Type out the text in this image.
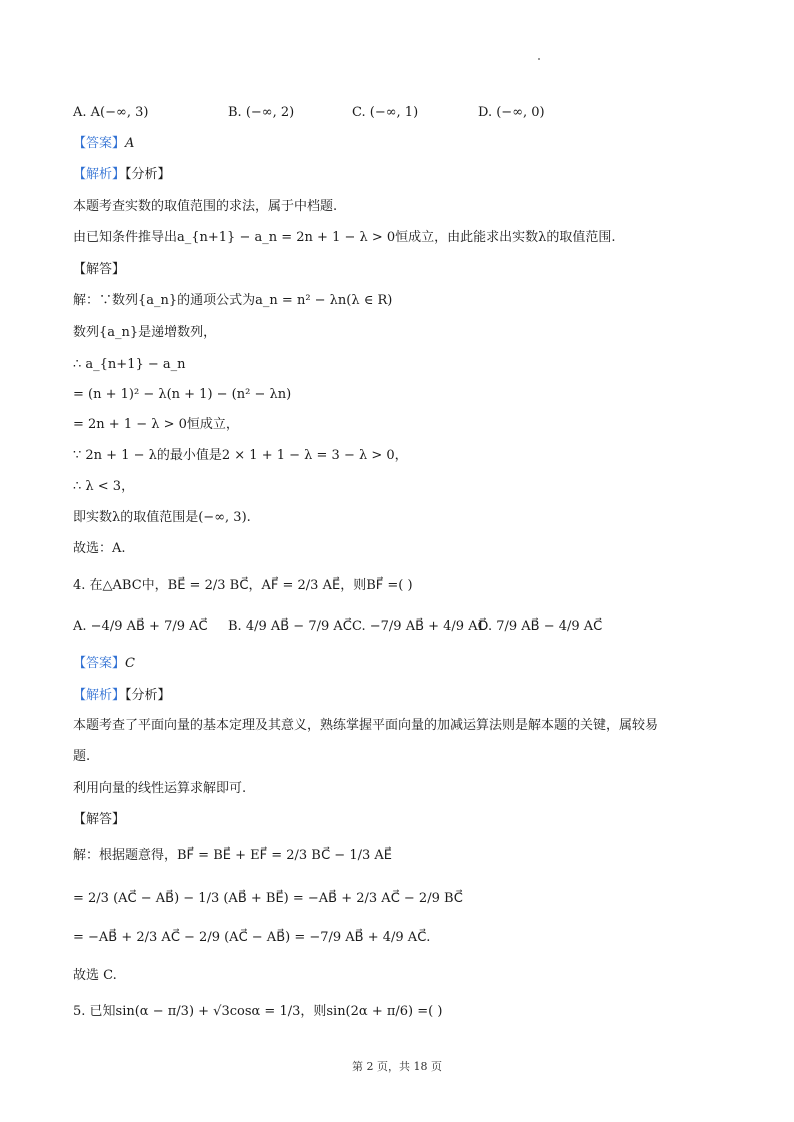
A. A(−∞, 3)	B. (−∞, 2)	C. (−∞, 1)	D. (−∞, 0)
【答案】A
【解析】【分析】
本题考查实数的取值范围的求法，属于中档题.
由已知条件推导出a_{n+1} − a_n = 2n + 1 − λ > 0恒成立，由此能求出实数λ的取值范围.
【解答】
解：∵数列{a_n}的通项公式为a_n = n² − λn(λ ∈ R)
数列{a_n}是递增数列，
∴ a_{n+1} − a_n
= (n + 1)² − λ(n + 1) − (n² − λn)
= 2n + 1 − λ > 0恒成立，
∵ 2n + 1 − λ的最小值是2 × 1 + 1 − λ = 3 − λ > 0，
∴ λ < 3，
即实数λ的取值范围是(−∞, 3).
故选：A.
4. 在△ABC中，BE⃗ = 2/3 BC⃗，AF⃗ = 2/3 AE⃗，则BF⃗ =( )
A. −4/9 AB⃗ + 7/9 AC⃗ B. 4/9 AB⃗ − 7/9 AC⃗ C. −7/9 AB⃗ + 4/9 AC⃗
D. 7/9 AB⃗ − 4/9 AC⃗
【答案】C
【解析】【分析】
本题考查了平面向量的基本定理及其意义，熟练掌握平面向量的加减运算法则是解本题的关键，属较易
题.
利用向量的线性运算求解即可.
【解答】
解：根据题意得，BF⃗ = BE⃗ + EF⃗ = 2/3 BC⃗ − 1/3 AE⃗
= 2/3 (AC⃗ − AB⃗) − 1/3 (AB⃗ + BE⃗) = −AB⃗ + 2/3 AC⃗ − 2/9 BC⃗
= −AB⃗ + 2/3 AC⃗ − 2/9 (AC⃗ − AB⃗) = −7/9 AB⃗ + 4/9 AC⃗.
故选 C.
5. 已知sin(α − π/3) + √3cosα = 1/3，则sin(2α + π/6) =( )
第 2 页，共 18 页
